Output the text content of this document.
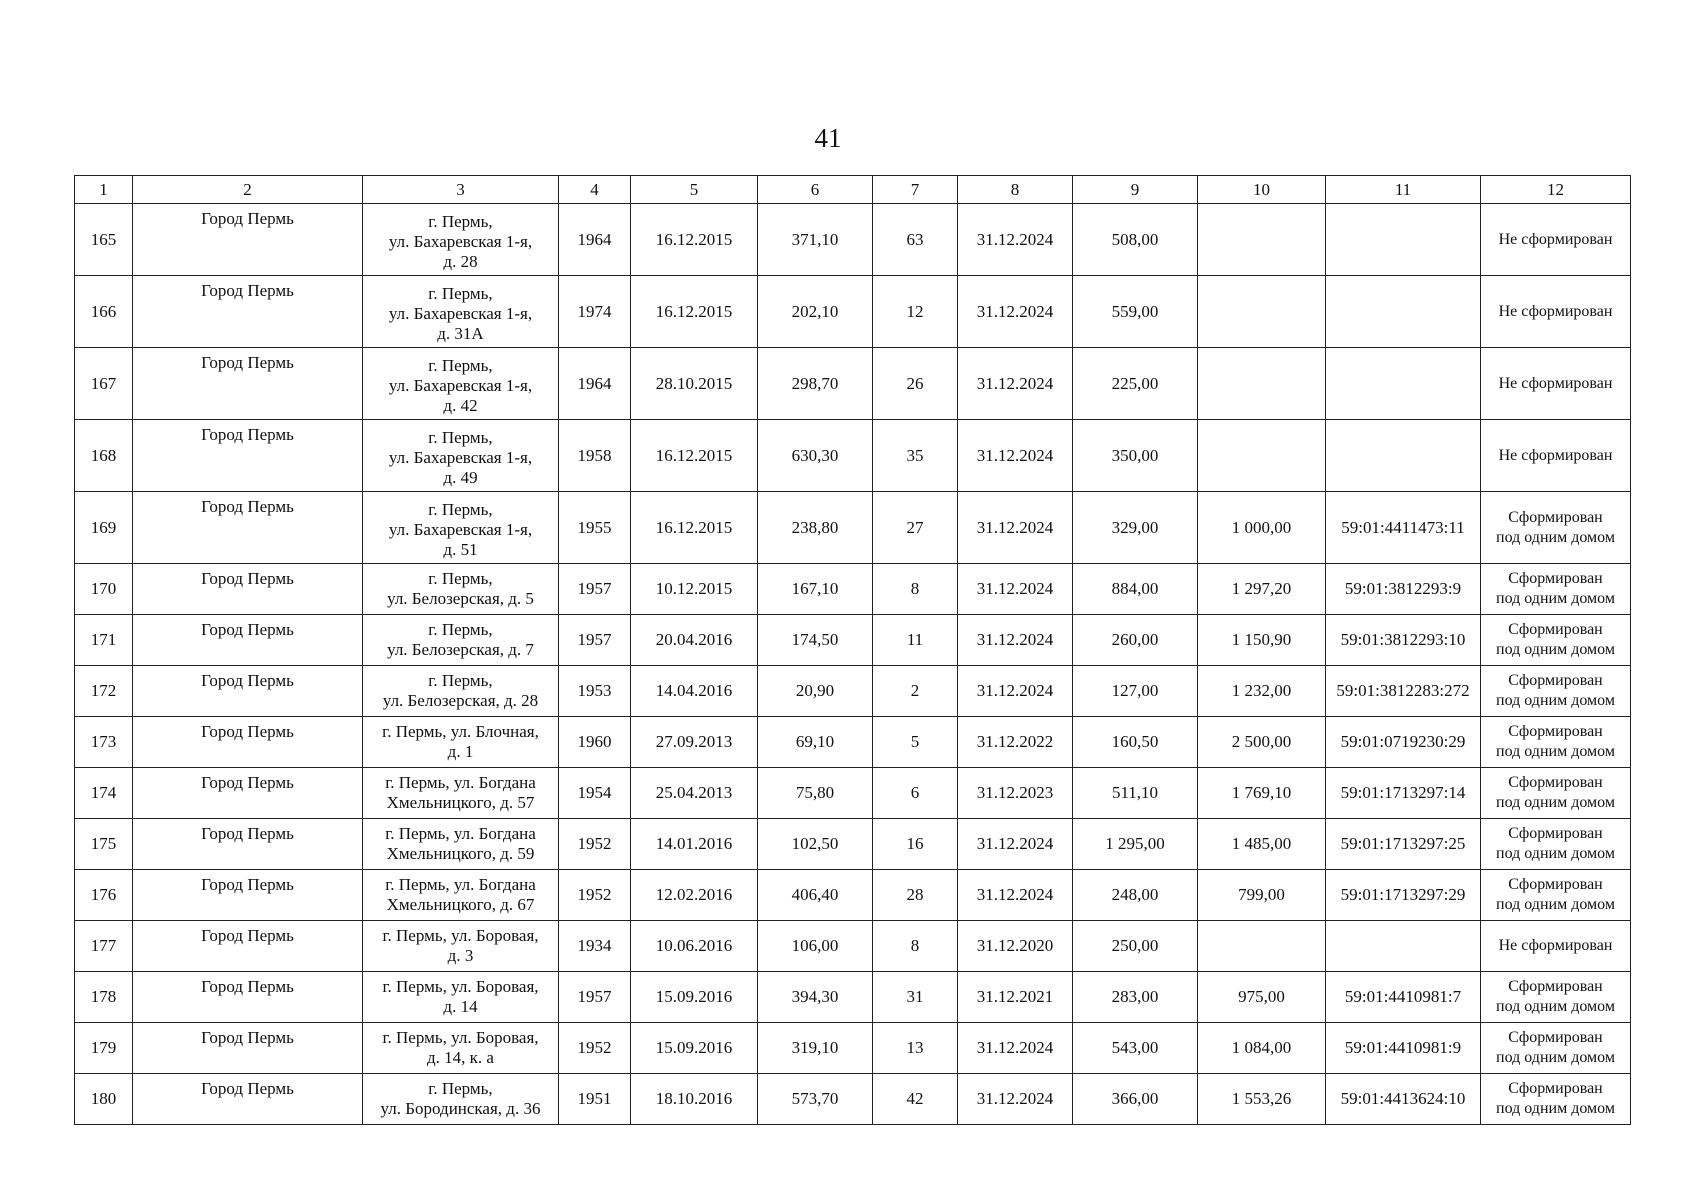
41
1	2	3	4	5	6	7	8	9	10	11	12
165	Город Пермь	г. Пермь,
ул. Бахаревская 1-я,
д. 28	1964	16.12.2015	371,10	63	31.12.2024	508,00			Не сформирован
166	Город Пермь	г. Пермь,
ул. Бахаревская 1-я,
д. 31А	1974	16.12.2015	202,10	12	31.12.2024	559,00			Не сформирован
167	Город Пермь	г. Пермь,
ул. Бахаревская 1-я,
д. 42	1964	28.10.2015	298,70	26	31.12.2024	225,00			Не сформирован
168	Город Пермь	г. Пермь,
ул. Бахаревская 1-я,
д. 49	1958	16.12.2015	630,30	35	31.12.2024	350,00			Не сформирован
169	Город Пермь	г. Пермь,
ул. Бахаревская 1-я,
д. 51	1955	16.12.2015	238,80	27	31.12.2024	329,00	1 000,00	59:01:4411473:11	Сформирован
под одним домом
170	Город Пермь	г. Пермь,
ул. Белозерская, д. 5	1957	10.12.2015	167,10	8	31.12.2024	884,00	1 297,20	59:01:3812293:9	Сформирован
под одним домом
171	Город Пермь	г. Пермь,
ул. Белозерская, д. 7	1957	20.04.2016	174,50	11	31.12.2024	260,00	1 150,90	59:01:3812293:10	Сформирован
под одним домом
172	Город Пермь	г. Пермь,
ул. Белозерская, д. 28	1953	14.04.2016	20,90	2	31.12.2024	127,00	1 232,00	59:01:3812283:272	Сформирован
под одним домом
173	Город Пермь	г. Пермь, ул. Блочная,
д. 1	1960	27.09.2013	69,10	5	31.12.2022	160,50	2 500,00	59:01:0719230:29	Сформирован
под одним домом
174	Город Пермь	г. Пермь, ул. Богдана
Хмельницкого, д. 57	1954	25.04.2013	75,80	6	31.12.2023	511,10	1 769,10	59:01:1713297:14	Сформирован
под одним домом
175	Город Пермь	г. Пермь, ул. Богдана
Хмельницкого, д. 59	1952	14.01.2016	102,50	16	31.12.2024	1 295,00	1 485,00	59:01:1713297:25	Сформирован
под одним домом
176	Город Пермь	г. Пермь, ул. Богдана
Хмельницкого, д. 67	1952	12.02.2016	406,40	28	31.12.2024	248,00	799,00	59:01:1713297:29	Сформирован
под одним домом
177	Город Пермь	г. Пермь, ул. Боровая,
д. 3	1934	10.06.2016	106,00	8	31.12.2020	250,00			Не сформирован
178	Город Пермь	г. Пермь, ул. Боровая,
д. 14	1957	15.09.2016	394,30	31	31.12.2021	283,00	975,00	59:01:4410981:7	Сформирован
под одним домом
179	Город Пермь	г. Пермь, ул. Боровая,
д. 14, к. а	1952	15.09.2016	319,10	13	31.12.2024	543,00	1 084,00	59:01:4410981:9	Сформирован
под одним домом
180	Город Пермь	г. Пермь,
ул. Бородинская, д. 36	1951	18.10.2016	573,70	42	31.12.2024	366,00	1 553,26	59:01:4413624:10	Сформирован
под одним домом
